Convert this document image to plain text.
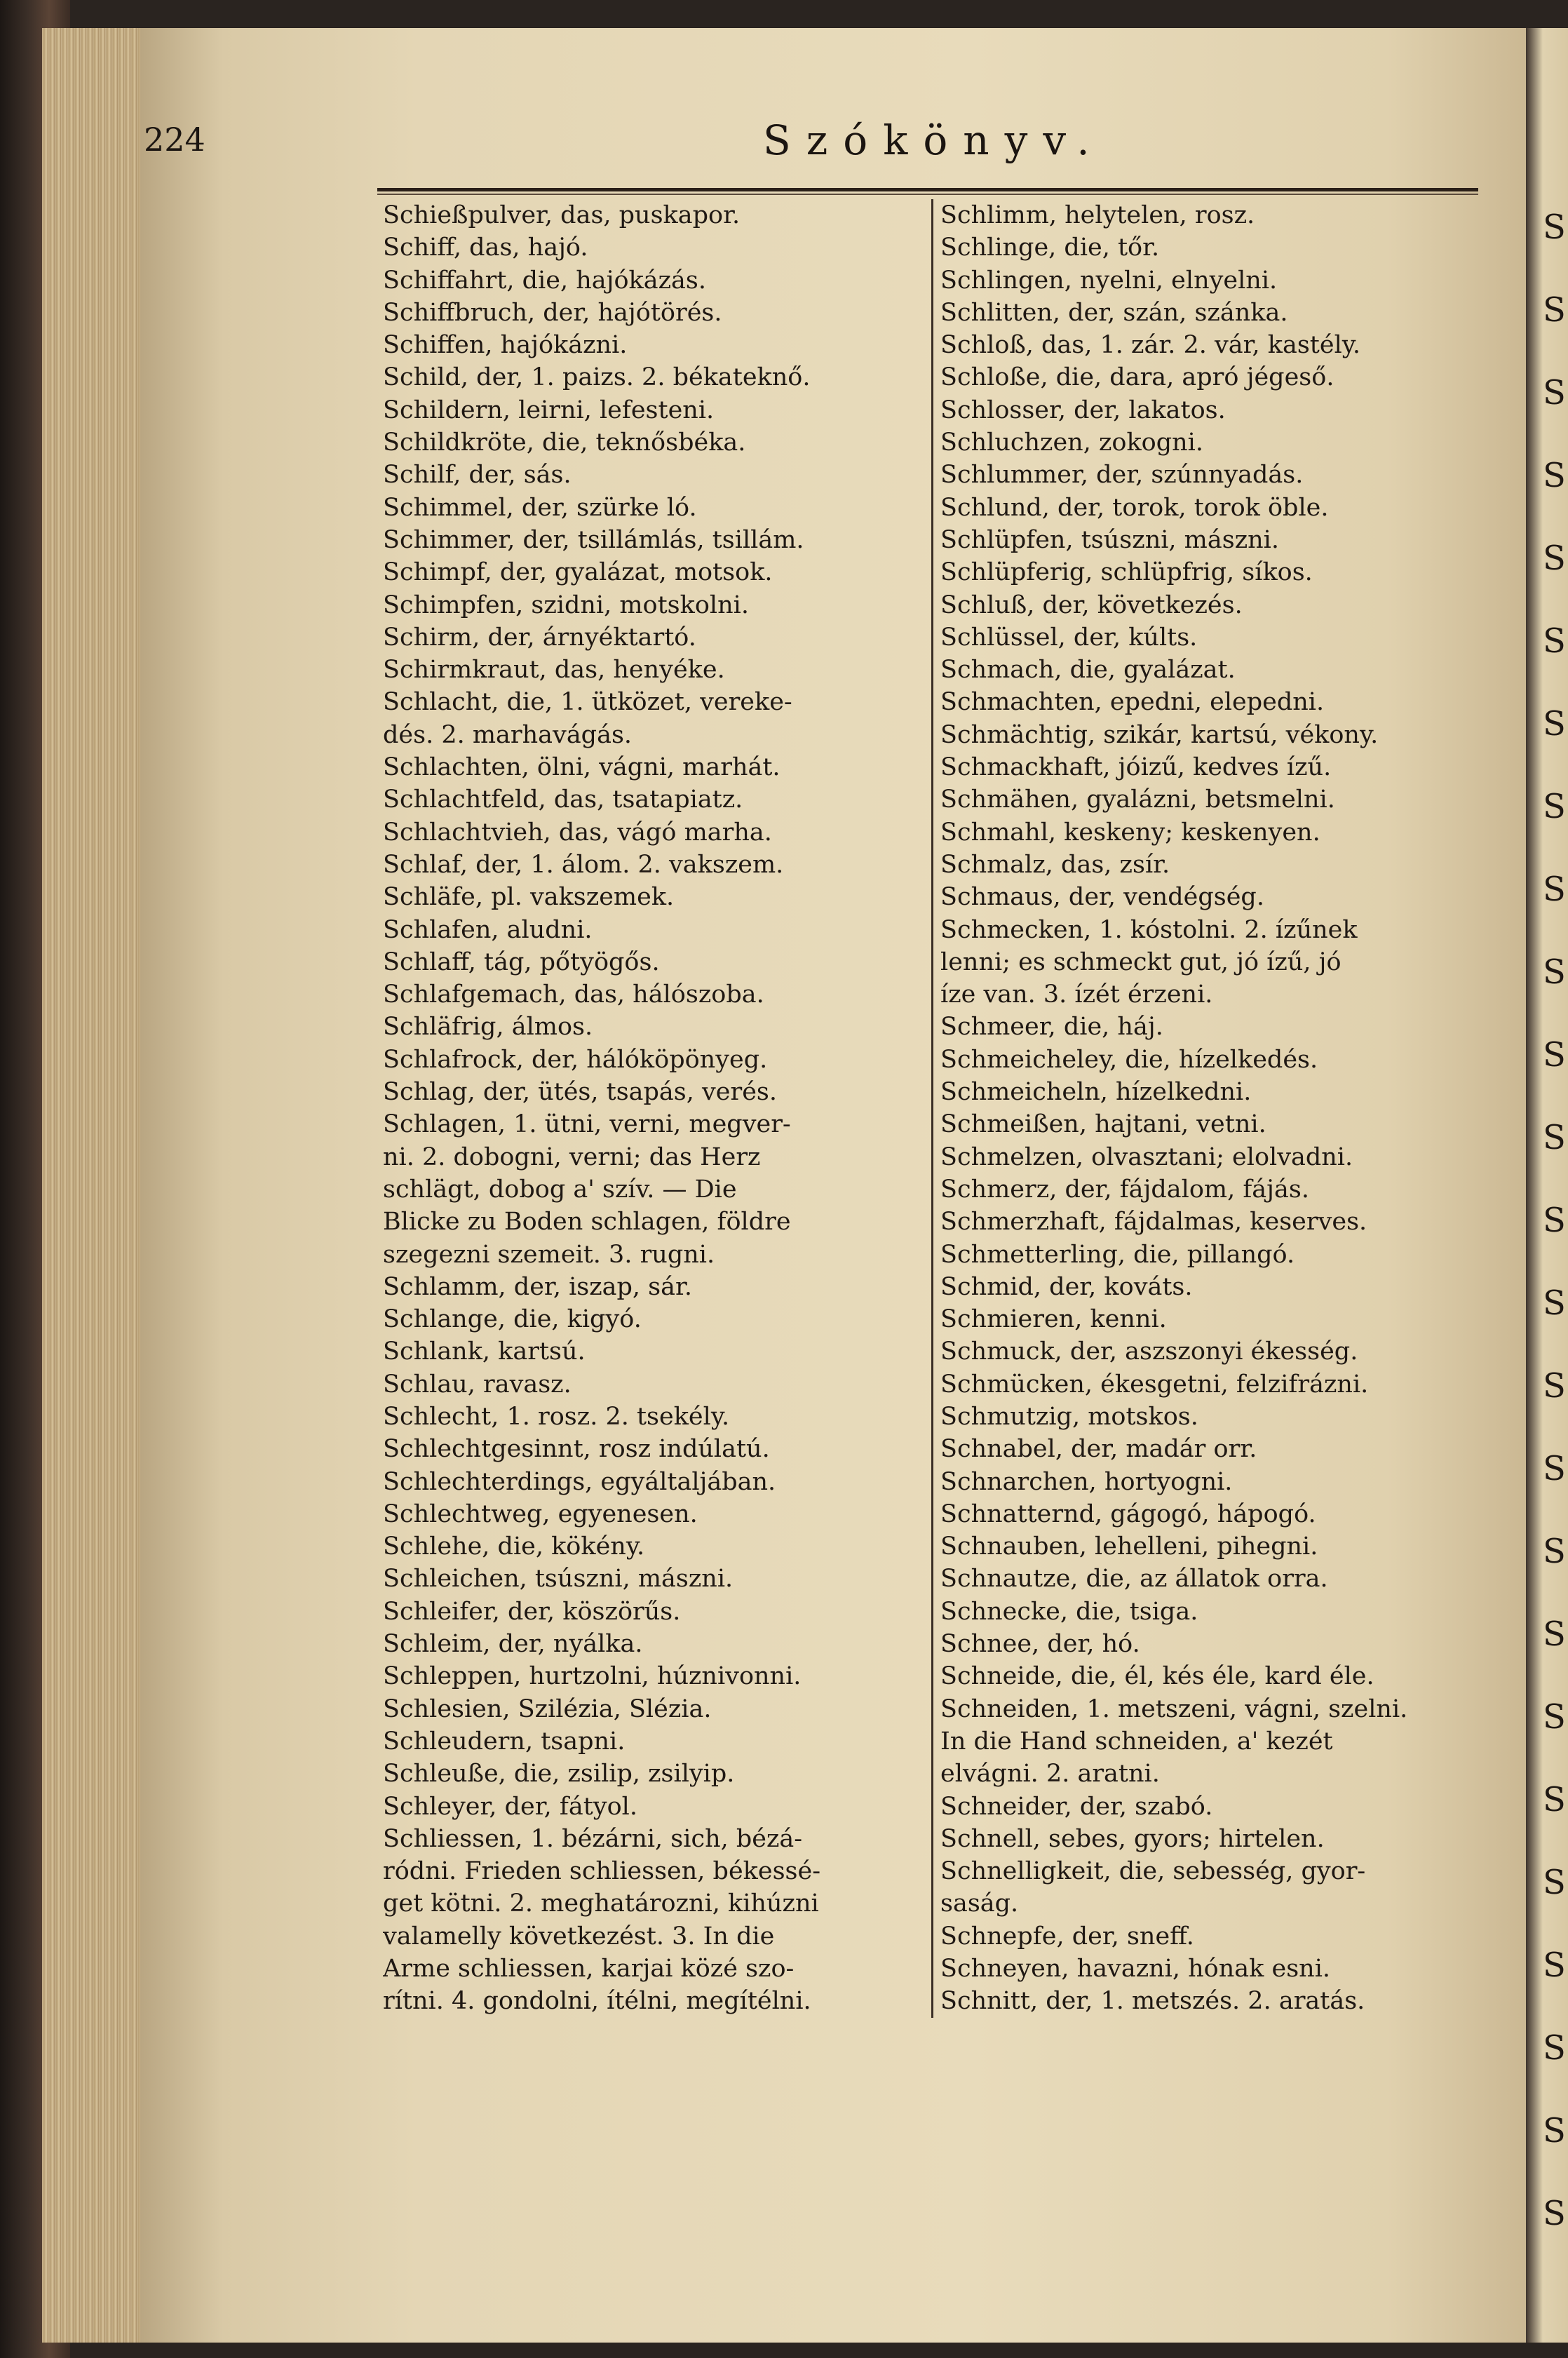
S
S
S
S
S
S
S
S
S
S
S
S
S
S
S
S
S
S
S
S
S
S
S
S
S
224	Szókönyv.
Schießpulver, das, puskapor.
Schiff, das, hajó.
Schiffahrt, die, hajókázás.
Schiffbruch, der, hajótörés.
Schiffen, hajókázni.
Schild, der, 1. paizs. 2. békateknő.
Schildern, leirni, lefesteni.
Schildkröte, die, teknősbéka.
Schilf, der, sás.
Schimmel, der, szürke ló.
Schimmer, der, tsillámlás, tsillám.
Schimpf, der, gyalázat, motsok.
Schimpfen, szidni, motskolni.
Schirm, der, árnyéktartó.
Schirmkraut, das, henyéke.
Schlacht, die, 1. ütközet, vereke-
dés. 2. marhavágás.
Schlachten, ölni, vágni, marhát.
Schlachtfeld, das, tsatapiatz.
Schlachtvieh, das, vágó marha.
Schlaf, der, 1. álom. 2. vakszem.
Schläfe, pl. vakszemek.
Schlafen, aludni.
Schlaff, tág, pőtyögős.
Schlafgemach, das, hálószoba.
Schläfrig, álmos.
Schlafrock, der, hálóköpönyeg.
Schlag, der, ütés, tsapás, verés.
Schlagen, 1. ütni, verni, megver-
ni. 2. dobogni, verni; das Herz
schlägt, dobog a' szív. — Die
Blicke zu Boden schlagen, földre
szegezni szemeit. 3. rugni.
Schlamm, der, iszap, sár.
Schlange, die, kigyó.
Schlank, kartsú.
Schlau, ravasz.
Schlecht, 1. rosz. 2. tsekély.
Schlechtgesinnt, rosz indúlatú.
Schlechterdings, egyáltaljában.
Schlechtweg, egyenesen.
Schlehe, die, kökény.
Schleichen, tsúszni, mászni.
Schleifer, der, köszörűs.
Schleim, der, nyálka.
Schleppen, hurtzolni, húznivonni.
Schlesien, Szilézia, Slézia.
Schleudern, tsapni.
Schleuße, die, zsilip, zsilyip.
Schleyer, der, fátyol.
Schliessen, 1. bézárni, sich, bézá-
ródni. Frieden schliessen, békessé-
get kötni. 2. meghatározni, kihúzni
valamelly következést. 3. In die
Arme schliessen, karjai közé szo-
rítni. 4. gondolni, ítélni, megítélni.
Schlimm, helytelen, rosz.
Schlinge, die, tőr.
Schlingen, nyelni, elnyelni.
Schlitten, der, szán, szánka.
Schloß, das, 1. zár. 2. vár, kastély.
Schloße, die, dara, apró jégeső.
Schlosser, der, lakatos.
Schluchzen, zokogni.
Schlummer, der, szúnnyadás.
Schlund, der, torok, torok öble.
Schlüpfen, tsúszni, mászni.
Schlüpferig, schlüpfrig, síkos.
Schluß, der, következés.
Schlüssel, der, kúlts.
Schmach, die, gyalázat.
Schmachten, epedni, elepedni.
Schmächtig, szikár, kartsú, vékony.
Schmackhaft, jóizű, kedves ízű.
Schmähen, gyalázni, betsmelni.
Schmahl, keskeny; keskenyen.
Schmalz, das, zsír.
Schmaus, der, vendégség.
Schmecken, 1. kóstolni. 2. ízűnek
lenni; es schmeckt gut, jó ízű, jó
íze van. 3. ízét érzeni.
Schmeer, die, háj.
Schmeicheley, die, hízelkedés.
Schmeicheln, hízelkedni.
Schmeißen, hajtani, vetni.
Schmelzen, olvasztani; elolvadni.
Schmerz, der, fájdalom, fájás.
Schmerzhaft, fájdalmas, keserves.
Schmetterling, die, pillangó.
Schmid, der, kováts.
Schmieren, kenni.
Schmuck, der, aszszonyi ékesség.
Schmücken, ékesgetni, felzifrázni.
Schmutzig, motskos.
Schnabel, der, madár orr.
Schnarchen, hortyogni.
Schnatternd, gágogó, hápogó.
Schnauben, lehelleni, pihegni.
Schnautze, die, az állatok orra.
Schnecke, die, tsiga.
Schnee, der, hó.
Schneide, die, él, kés éle, kard éle.
Schneiden, 1. metszeni, vágni, szelni.
In die Hand schneiden, a' kezét
elvágni. 2. aratni.
Schneider, der, szabó.
Schnell, sebes, gyors; hirtelen.
Schnelligkeit, die, sebesség, gyor-
saság.
Schnepfe, der, sneff.
Schneyen, havazni, hónak esni.
Schnitt, der, 1. metszés. 2. aratás.
